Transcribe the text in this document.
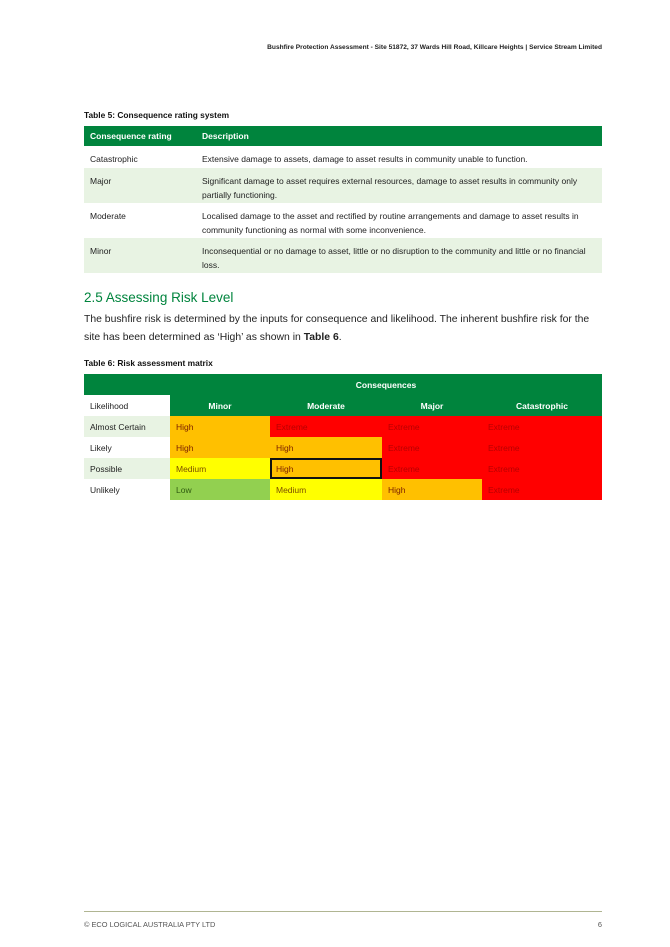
Bushfire Protection Assessment - Site 51872, 37 Wards Hill Road, Killcare Heights | Service Stream Limited
Table 5: Consequence rating system
Consequence rating	Description
Catastrophic	Extensive damage to assets, damage to asset results in community unable to function.
Major	Significant damage to asset requires external resources, damage to asset results in community only partially functioning.
Moderate	Localised damage to the asset and rectified by routine arrangements and damage to asset results in community functioning as normal with some inconvenience.
Minor	Inconsequential or no damage to asset, little or no disruption to the community and little or no financial loss.
2.5 Assessing Risk Level
The bushfire risk is determined by the inputs for consequence and likelihood. The inherent bushfire risk for the site has been determined as ‘High’ as shown in Table 6.
Table 6: Risk assessment matrix
	Consequences			
Likelihood	Minor	Moderate	Major	Catastrophic
Almost Certain	High	Extreme	Extreme	Extreme
Likely	High	High	Extreme	Extreme
Possible	Medium	High	Extreme	Extreme
Unlikely	Low	Medium	High	Extreme
© ECO LOGICAL AUSTRALIA PTY LTD	6
